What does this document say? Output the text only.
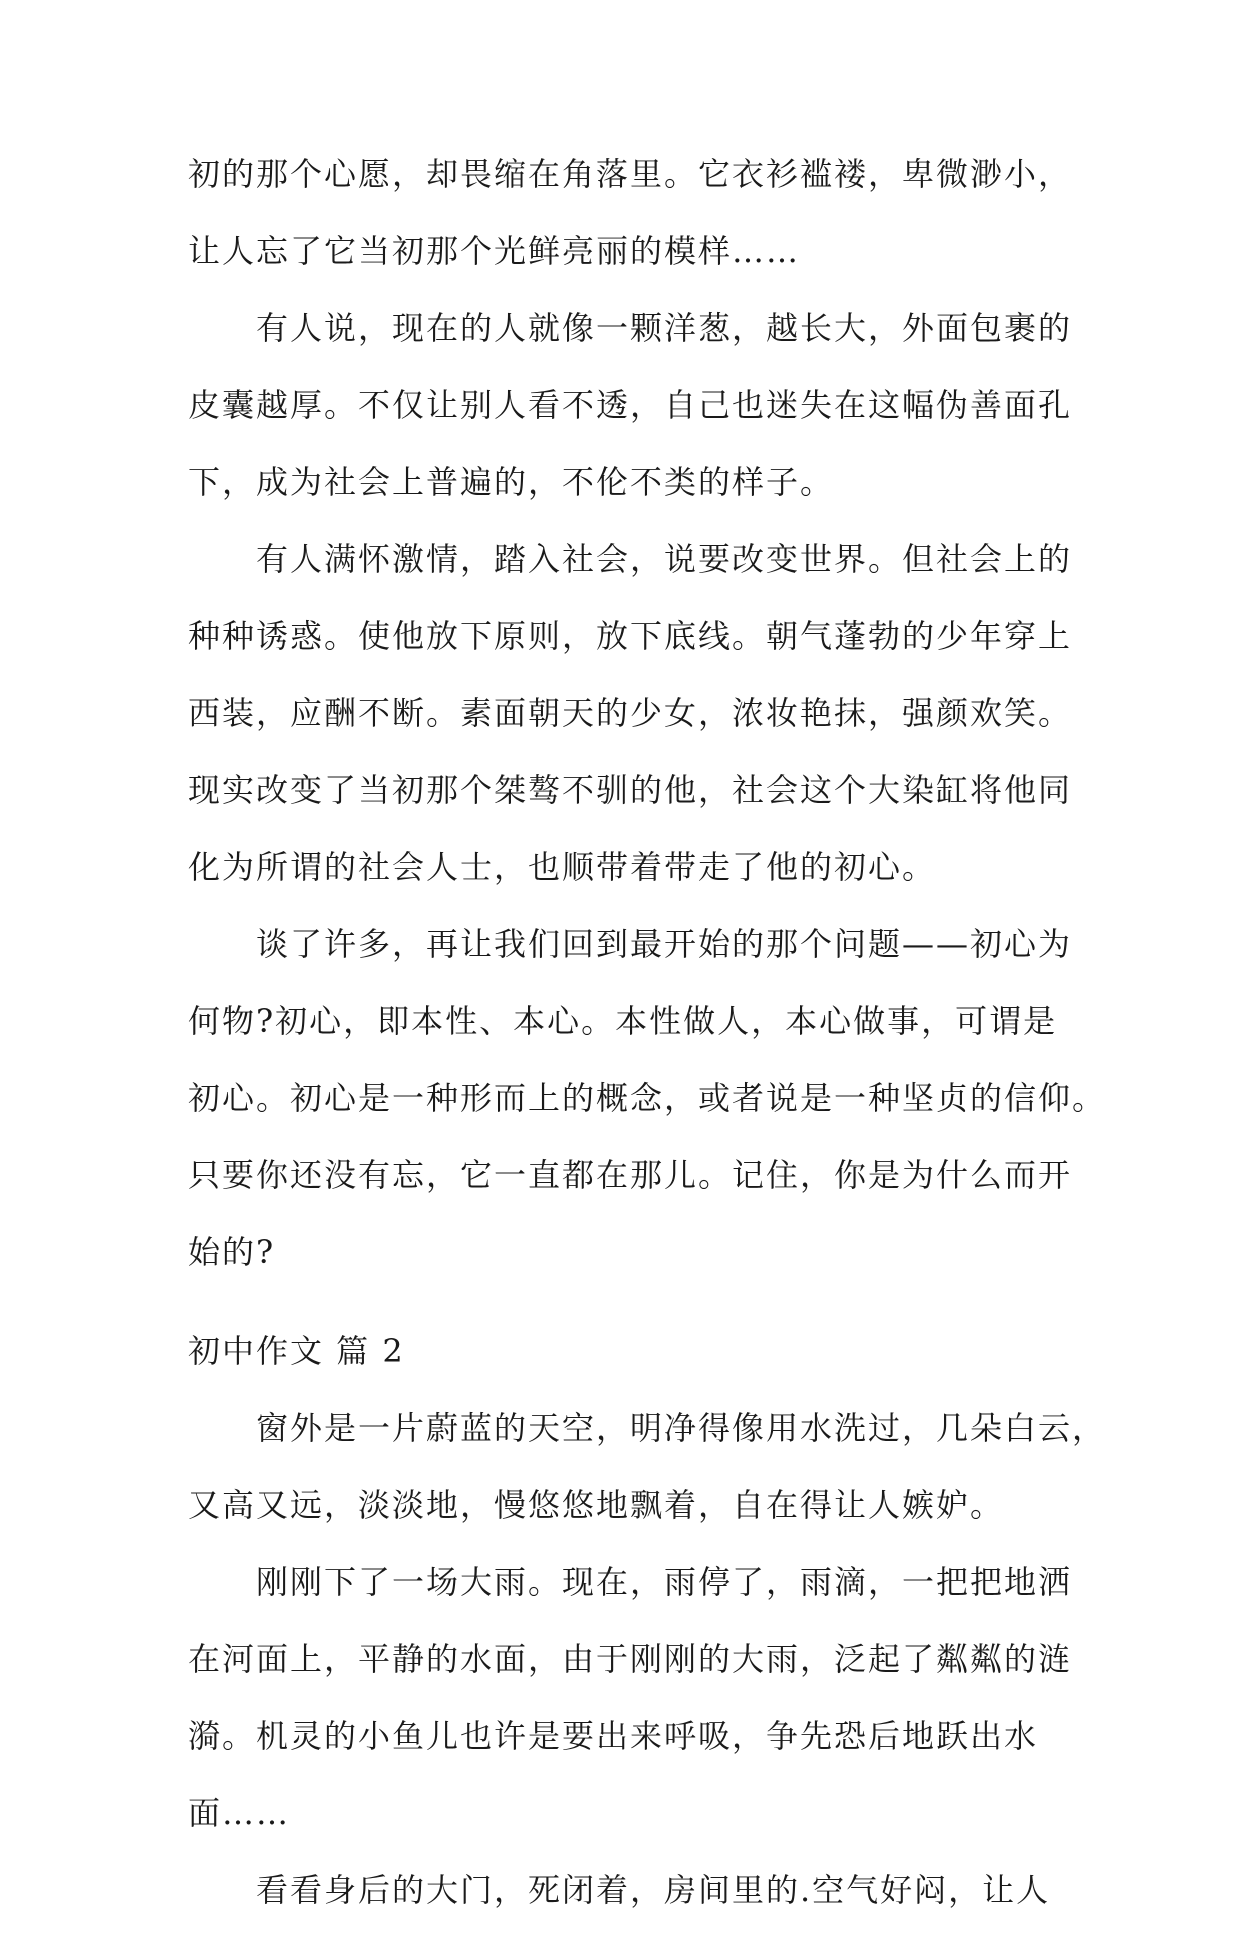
初的那个心愿，却畏缩在角落里。它衣衫褴褛，卑微渺小，
让人忘了它当初那个光鲜亮丽的模样……
有人说，现在的人就像一颗洋葱，越长大，外面包裹的
皮囊越厚。不仅让别人看不透，自己也迷失在这幅伪善面孔
下，成为社会上普遍的，不伦不类的样子。
有人满怀激情，踏入社会，说要改变世界。但社会上的
种种诱惑。使他放下原则，放下底线。朝气蓬勃的少年穿上
西装，应酬不断。素面朝天的少女，浓妆艳抹，强颜欢笑。
现实改变了当初那个桀骜不驯的他，社会这个大染缸将他同
化为所谓的社会人士，也顺带着带走了他的初心。
谈了许多，再让我们回到最开始的那个问题——初心为
何物?初心，即本性、本心。本性做人，本心做事，可谓是
初心。初心是一种形而上的概念，或者说是一种坚贞的信仰。
只要你还没有忘，它一直都在那儿。记住，你是为什么而开
始的?
初中作文 篇 2
窗外是一片蔚蓝的天空，明净得像用水洗过，几朵白云，
又高又远，淡淡地，慢悠悠地飘着，自在得让人嫉妒。
刚刚下了一场大雨。现在，雨停了，雨滴，一把把地洒
在河面上，平静的水面，由于刚刚的大雨，泛起了粼粼的涟
漪。机灵的小鱼儿也许是要出来呼吸，争先恐后地跃出水
面……
看看身后的大门，死闭着，房间里的.空气好闷，让人
